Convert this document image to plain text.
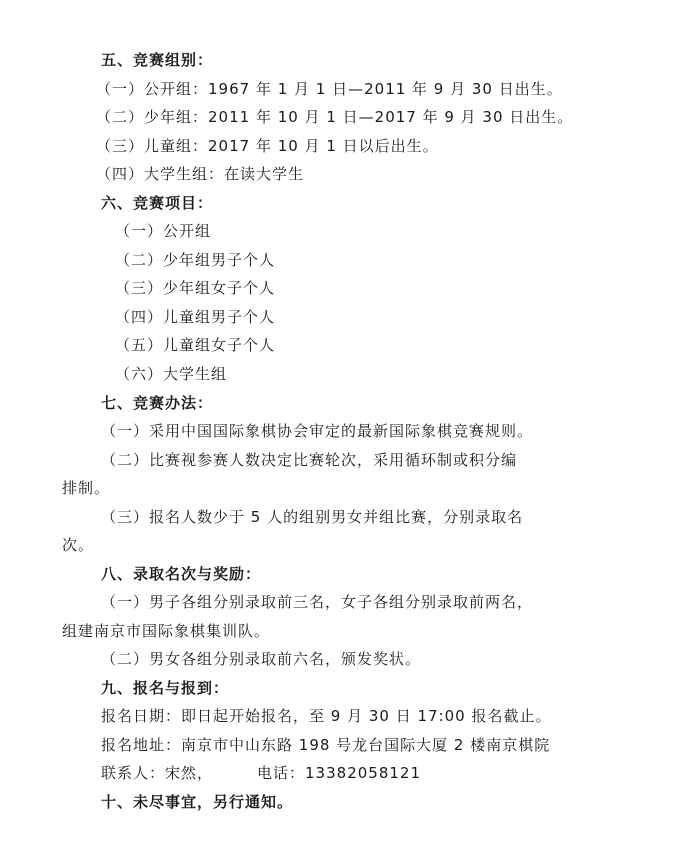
五、竞赛组别：
（一）公开组：1967 年 1 月 1 日—2011 年 9 月 30 日出生。
（二）少年组：2011 年 10 月 1 日—2017 年 9 月 30 日出生。
（三）儿童组：2017 年 10 月 1 日以后出生。
（四）大学生组：在读大学生
六、竞赛项目：
（一）公开组
（二）少年组男子个人
（三）少年组女子个人
（四）儿童组男子个人
（五）儿童组女子个人
（六）大学生组
七、竞赛办法：
（一）采用中国国际象棋协会审定的最新国际象棋竞赛规则。
（二）比赛视参赛人数决定比赛轮次，采用循环制或积分编
排制。
（三）报名人数少于 5 人的组别男女并组比赛，分别录取名
次。
八、录取名次与奖励：
（一）男子各组分别录取前三名，女子各组分别录取前两名，
组建南京市国际象棋集训队。
（二）男女各组分别录取前六名，颁发奖状。
九、报名与报到：
报名日期：即日起开始报名，至 9 月 30 日 17:00 报名截止。
报名地址：南京市中山东路 198 号龙台国际大厦 2 楼南京棋院
联系人：宋然，	电话：13382058121
十、未尽事宜，另行通知。
